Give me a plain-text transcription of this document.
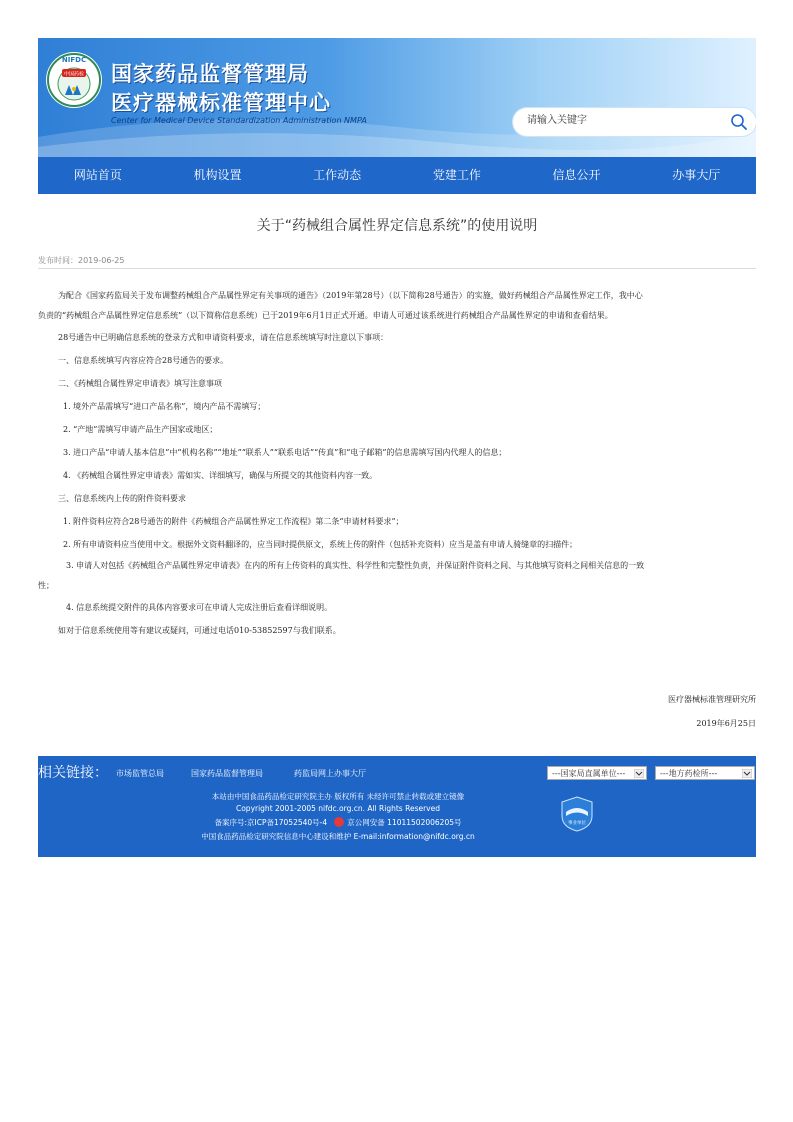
NIFDC
中国药检 国家药品监督管理局
医疗器械标准管理中心
Center for Medical Device Standardization Administration NMPA
请输入关键字
网站首页	机构设置	工作动态	党建工作	信息公开	办事大厅
关于“药械组合属性界定信息系统”的使用说明
发布时间：2019-06-25

为配合《国家药监局关于发布调整药械组合产品属性界定有关事项的通告》（2019年第28号）（以下简称28号通告）的实施，做好药械组合产品属性界定工作，我中心

负责的“药械组合产品属性界定信息系统”（以下简称信息系统）已于2019年6月1日正式开通。申请人可通过该系统进行药械组合产品属性界定的申请和查看结果。

28号通告中已明确信息系统的登录方式和申请资料要求，请在信息系统填写时注意以下事项：

一、信息系统填写内容应符合28号通告的要求。

二、《药械组合属性界定申请表》填写注意事项

1. 境外产品需填写“进口产品名称”，境内产品不需填写；

2. “产地”需填写申请产品生产国家或地区；

3. 进口产品“申请人基本信息”中“机构名称”“地址”“联系人”“联系电话”“传真”和“电子邮箱”的信息需填写国内代理人的信息；

4. 《药械组合属性界定申请表》需如实、详细填写，确保与所提交的其他资料内容一致。

三、信息系统内上传的附件资料要求

1. 附件资料应符合28号通告的附件《药械组合产品属性界定工作流程》第二条“申请材料要求”；

2. 所有申请资料应当使用中文。根据外文资料翻译的，应当同时提供原文，系统上传的附件（包括补充资料）应当是盖有申请人骑缝章的扫描件；

3. 申请人对包括《药械组合产品属性界定申请表》在内的所有上传资料的真实性、科学性和完整性负责，并保证附件资料之间、与其他填写资料之间相关信息的一致

性；

4. 信息系统提交附件的具体内容要求可在申请人完成注册后查看详细说明。

如对于信息系统使用等有建议或疑问，可通过电话010-53852597与我们联系。

医疗器械标准管理研究所
2019年6月25日
相关链接： 市场监管总局	国家药品监督管理局	药监局网上办事大厅	---国家局直属单位---	---地方药检所---
本站由中国食品药品检定研究院主办 版权所有 未经许可禁止转载或建立镜像
Copyright 2001-2005 nifdc.org.cn. All Rights Reserved
备案序号:京ICP备17052540号-4	京公网安备 11011502006205号
中国食品药品检定研究院信息中心建设和维护 E-mail:information@nifdc.org.cn
事业单位
